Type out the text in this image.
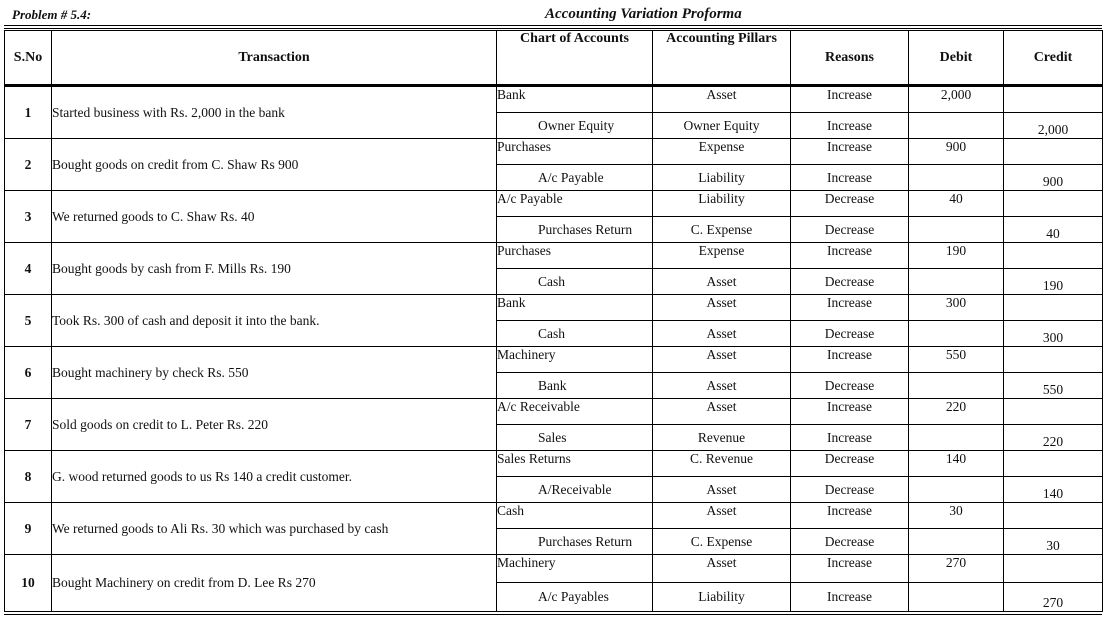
Problem # 5.4:	Accounting Variation Proforma
S.No	Transaction	Chart of Accounts	Accounting Pillars	Reasons	Debit	Credit
1	Started business with Rs. 2,000 in the bank	Bank	Asset	Increase	2,000	
		Owner Equity	Owner Equity	Increase		2,000
2	Bought goods on credit from C. Shaw Rs 900	Purchases	Expense	Increase	900	
		A/c Payable	Liability	Increase		900
3	We returned goods to C. Shaw Rs. 40	A/c Payable	Liability	Decrease	40	
		Purchases Return	C. Expense	Decrease		40
4	Bought goods by cash from F. Mills Rs. 190	Purchases	Expense	Increase	190	
		Cash	Asset	Decrease		190
5	Took Rs. 300 of cash and deposit it into the bank.	Bank	Asset	Increase	300	
		Cash	Asset	Decrease		300
6	Bought machinery by check Rs. 550	Machinery	Asset	Increase	550	
		Bank	Asset	Decrease		550
7	Sold goods on credit to L. Peter Rs. 220	A/c Receivable	Asset	Increase	220	
		Sales	Revenue	Increase		220
8	G. wood returned goods to us Rs 140 a credit customer.	Sales Returns	C. Revenue	Decrease	140	
		A/Receivable	Asset	Decrease		140
9	We returned goods to Ali Rs. 30 which was purchased by cash	Cash	Asset	Increase	30	
		Purchases Return	C. Expense	Decrease		30
10	Bought Machinery on credit from D. Lee Rs 270	Machinery	Asset	Increase	270	
		A/c Payables	Liability	Increase		270
